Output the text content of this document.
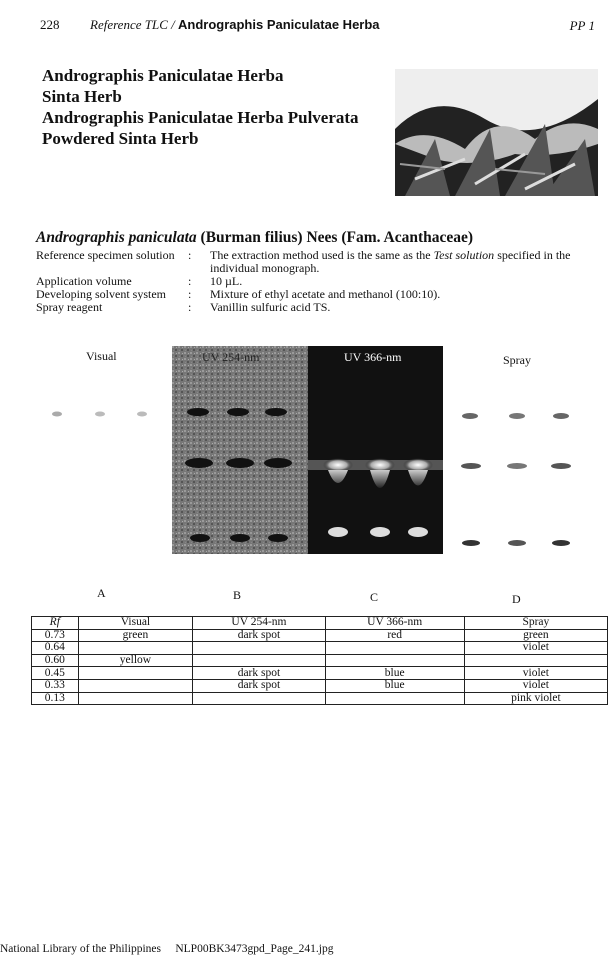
228 Reference TLC / Andrographis Paniculatae Herba	PP 1
Andrographis Paniculatae Herba
Sinta Herb
Andrographis Paniculatae Herba Pulverata
Powdered Sinta Herb
Andrographis paniculata (Burman filius) Nees (Fam. Acanthaceae)
Reference specimen solution	:	The extraction method used is the same as the Test solution specified in the individual monograph.
Application volume	:	10 µL.
Developing solvent system	:	Mixture of ethyl acetate and methanol (100:10).
Spray reagent	:	Vanillin sulfuric acid TS.
Visual	Spray
UV 254-nm	UV 366-nm
A	B	C	D
Rf	Visual	UV 254-nm	UV 366-nm	Spray
0.73	green	dark spot	red	green
0.64				violet
0.60	yellow			
0.45		dark spot	blue	violet
0.33		dark spot	blue	violet
0.13				pink violet
National Library of the Philippines NLP00BK3473gpd_Page_241.jpg
